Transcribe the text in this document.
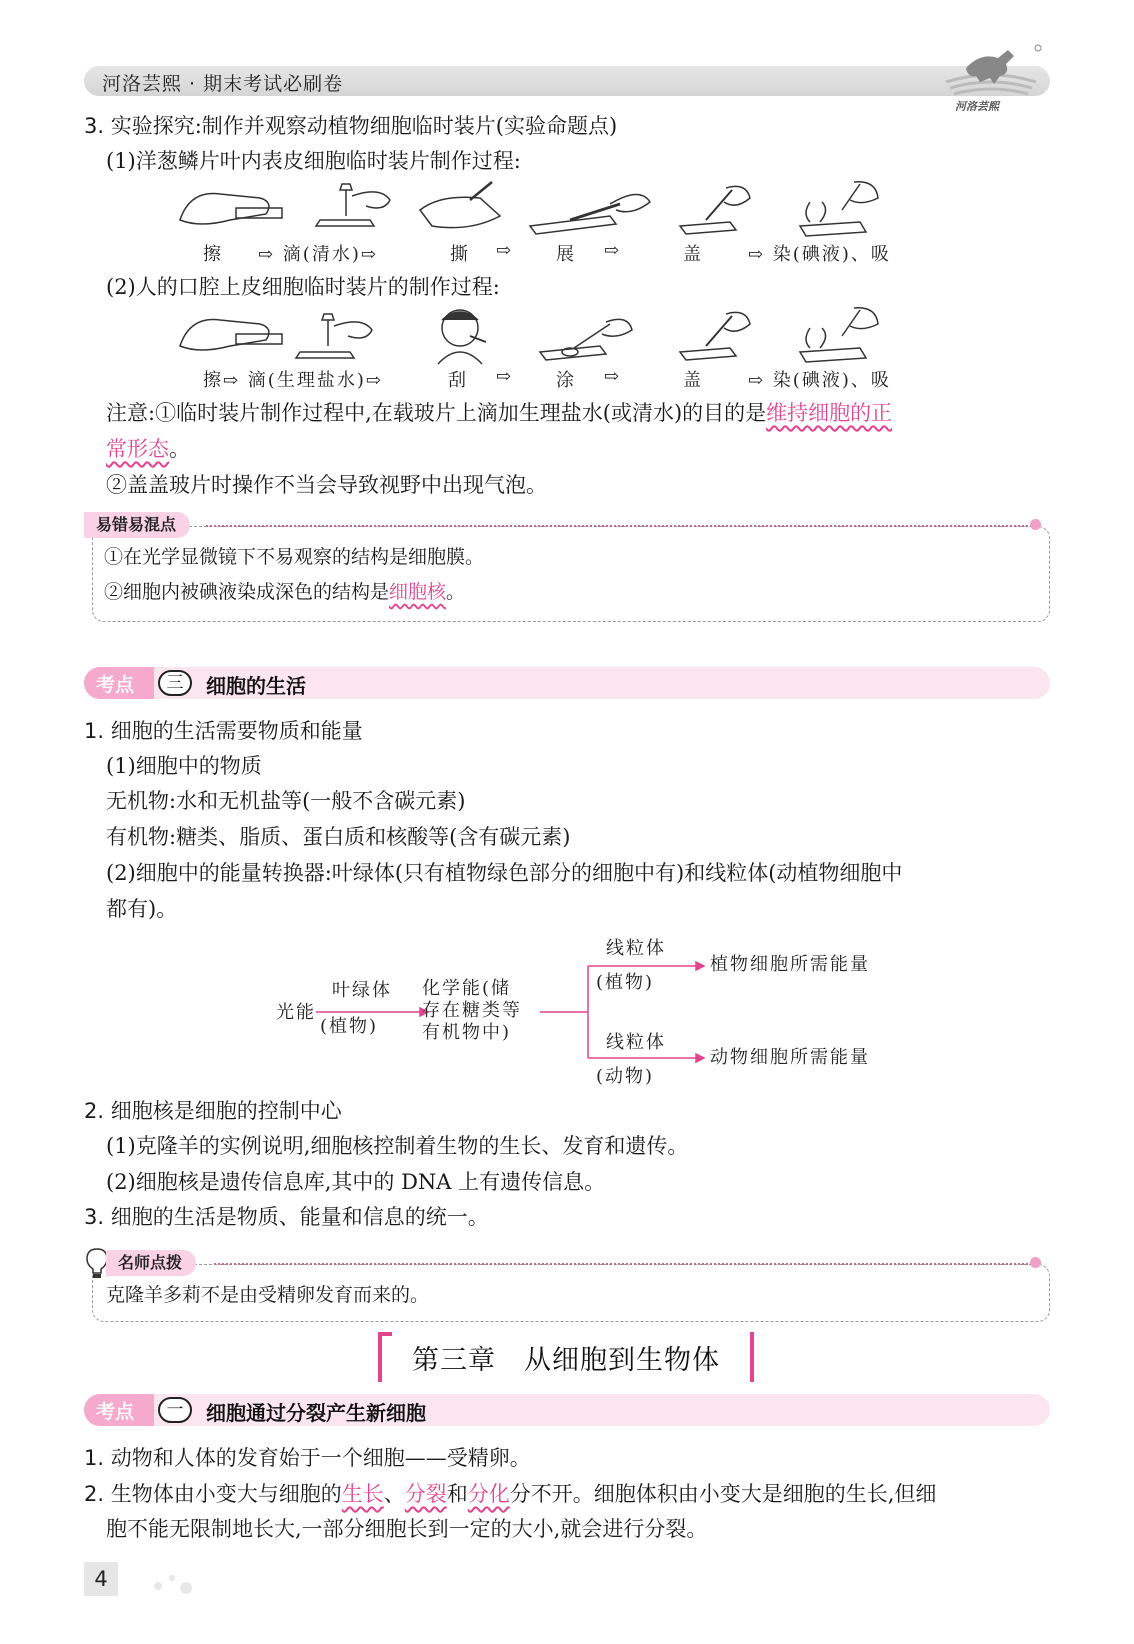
河洛芸熙 · 期末考试必刷卷
河洛芸熙
3. 实验探究:制作并观察动植物细胞临时装片(实验命题点)
(1)洋葱鳞片叶内表皮细胞临时装片制作过程:
擦 ⇨ 滴(清水)⇨	撕 ⇨ 展 ⇨	盖	⇨ 染(碘液)、吸
(2)人的口腔上皮细胞临时装片的制作过程:
擦⇨ 滴(生理盐水)⇨	刮 ⇨ 涂 ⇨	盖	⇨ 染(碘液)、吸
注意:①临时装片制作过程中,在载玻片上滴加生理盐水(或清水)的目的是维持细胞的正
常形态。
②盖盖玻片时操作不当会导致视野中出现气泡。
易错易混点
①在光学显微镜下不易观察的结构是细胞膜。
②细胞内被碘液染成深色的结构是细胞核。
考点	三	细胞的生活
1. 细胞的生活需要物质和能量
(1)细胞中的物质
无机物:水和无机盐等(一般不含碳元素)
有机物:糖类、脂质、蛋白质和核酸等(含有碳元素)
(2)细胞中的能量转换器:叶绿体(只有植物绿色部分的细胞中有)和线粒体(动植物细胞中
都有)。
光能
叶绿体
(植物)
化学能(储
存在糖类等
有机物中)
线粒体
(植物)
植物细胞所需能量
线粒体
(动物)
动物细胞所需能量
2. 细胞核是细胞的控制中心
(1)克隆羊的实例说明,细胞核控制着生物的生长、发育和遗传。
(2)细胞核是遗传信息库,其中的 DNA 上有遗传信息。
3. 细胞的生活是物质、能量和信息的统一。
名师点拨
克隆羊多莉不是由受精卵发育而来的。
第三章　从细胞到生物体
考点	一	细胞通过分裂产生新细胞
1. 动物和人体的发育始于一个细胞——受精卵。
2. 生物体由小变大与细胞的生长、分裂和分化分不开。细胞体积由小变大是细胞的生长,但细
胞不能无限制地长大,一部分细胞长到一定的大小,就会进行分裂。
4
